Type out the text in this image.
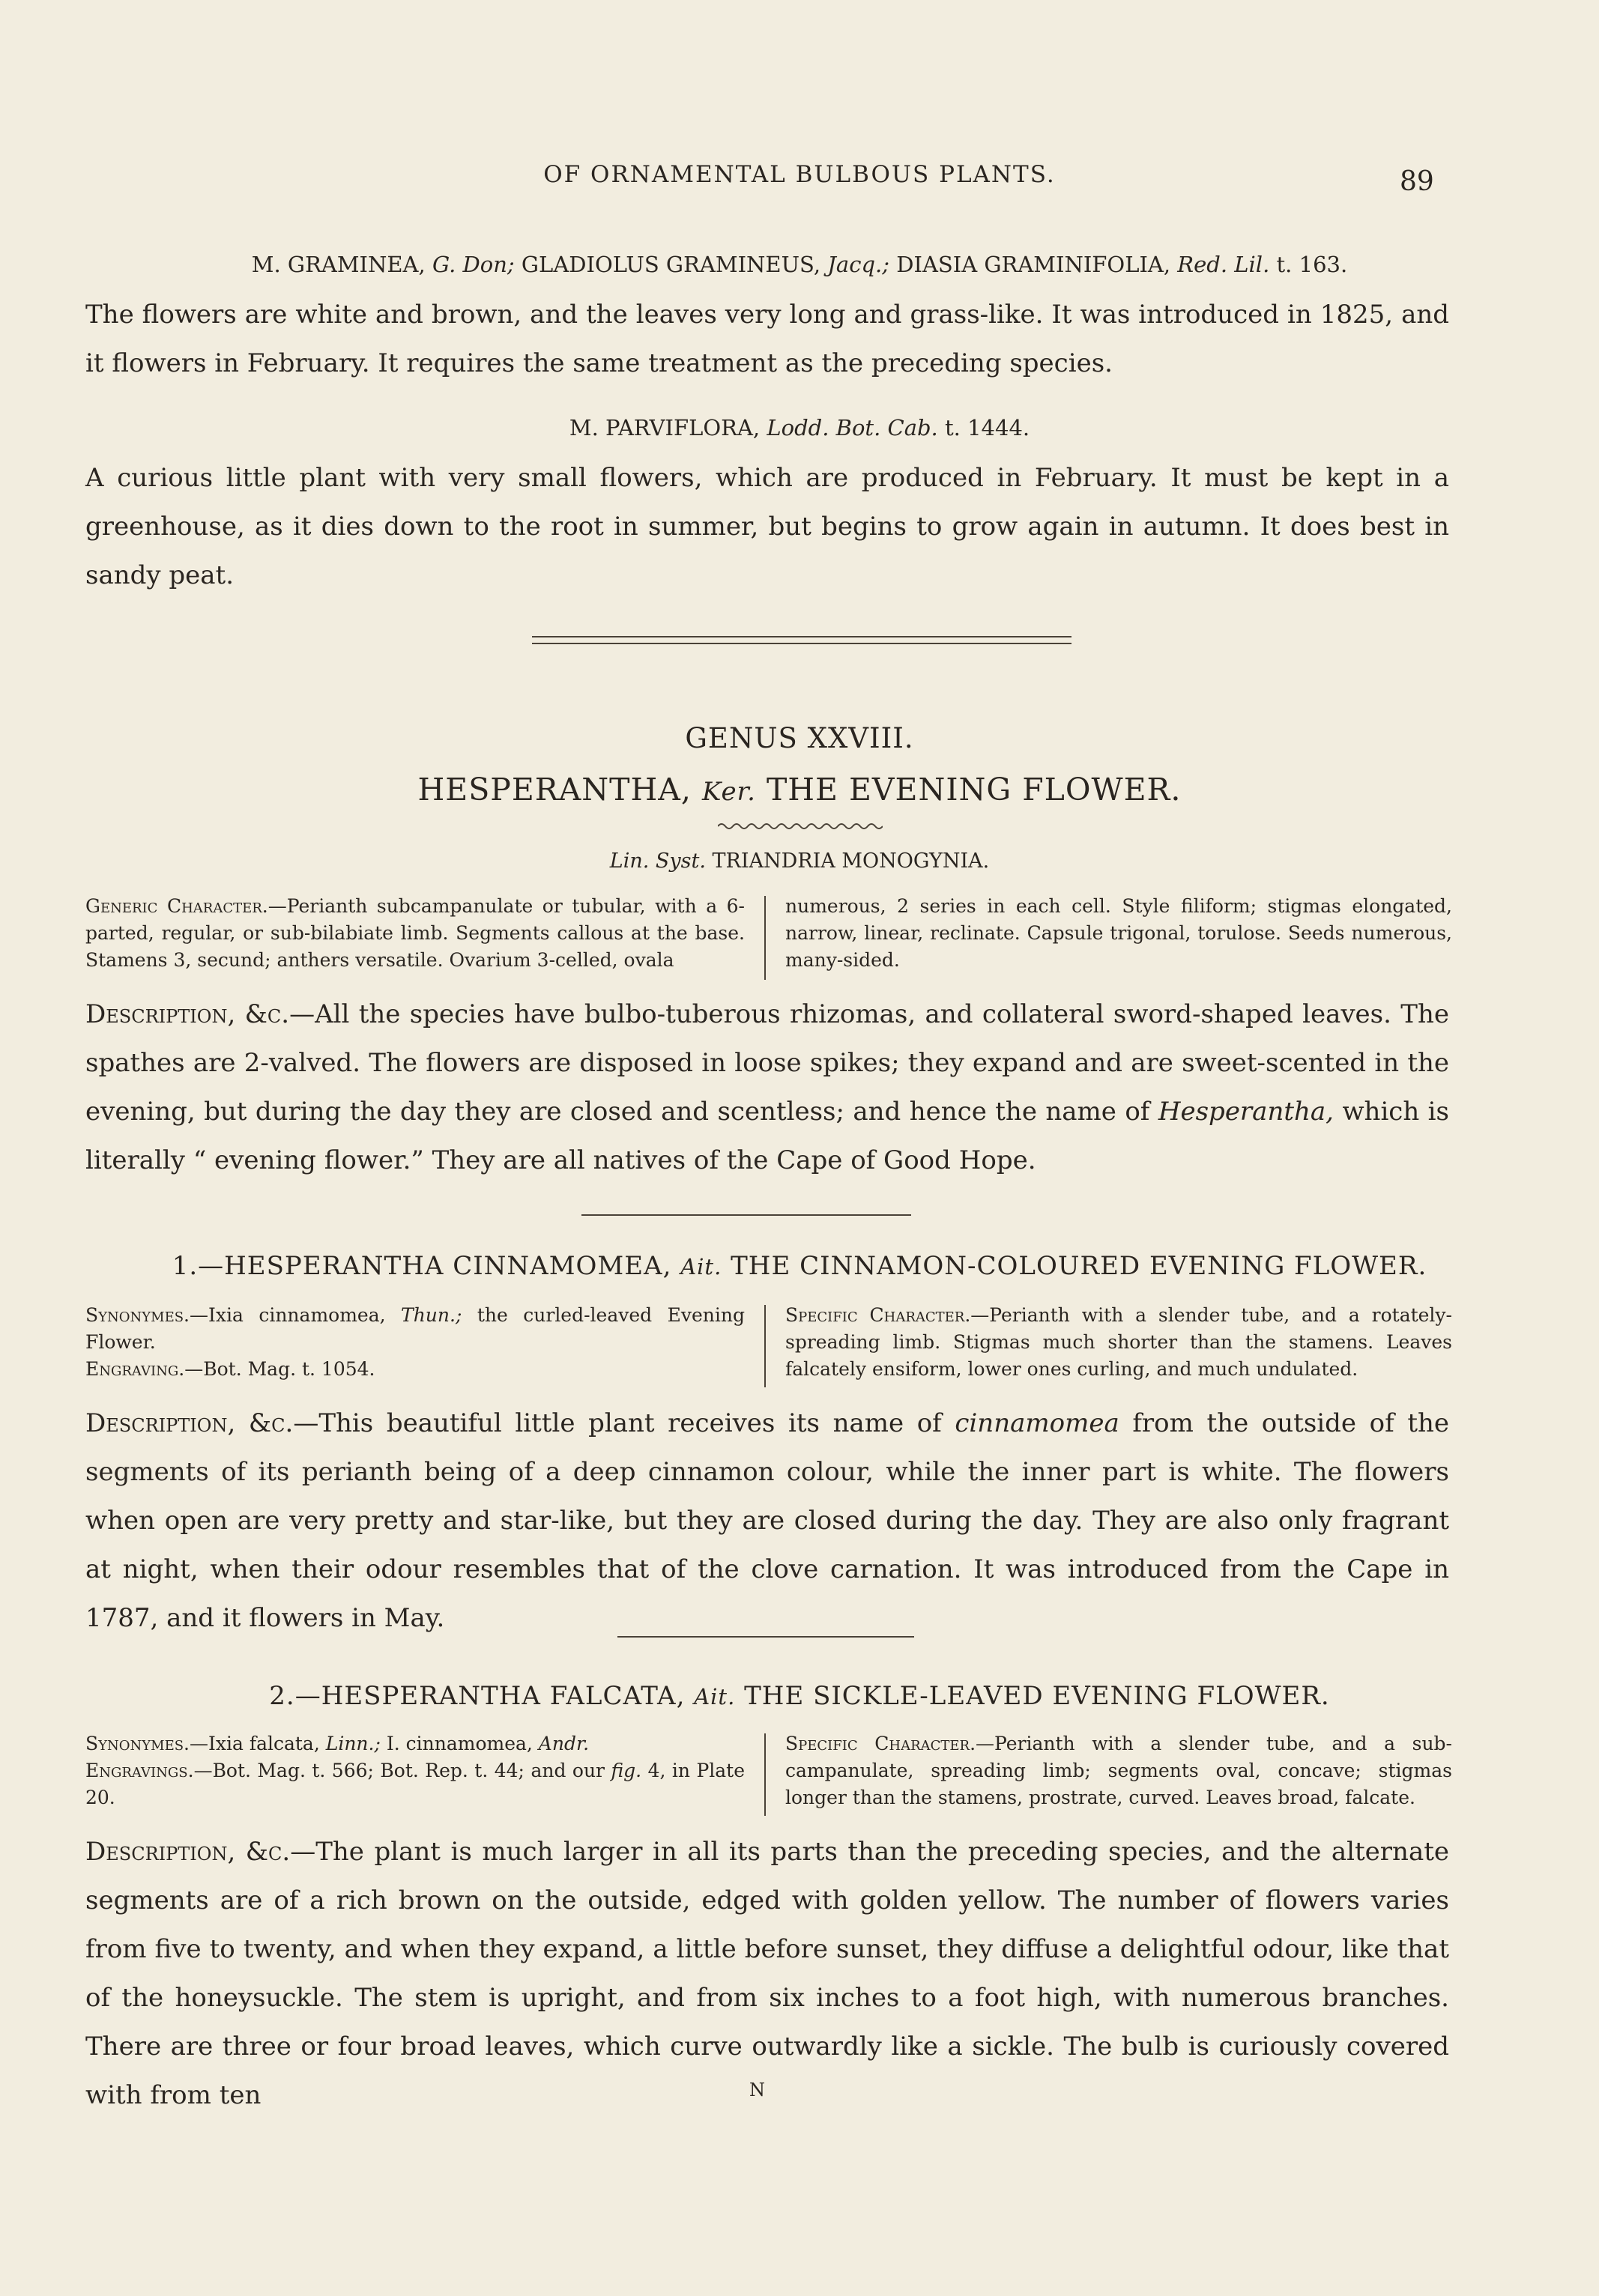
OF ORNAMENTAL BULBOUS PLANTS.	89
M. GRAMINEA, G. Don; GLADIOLUS GRAMINEUS, Jacq.; DIASIA GRAMINIFOLIA, Red. Lil. t. 163.
The flowers are white and brown, and the leaves very long and grass-like. It was introduced in 1825, and it flowers in February. It requires the same treatment as the preceding species.
M. PARVIFLORA, Lodd. Bot. Cab. t. 1444.
A curious little plant with very small flowers, which are produced in February. It must be kept in a greenhouse, as it dies down to the root in summer, but begins to grow again in autumn. It does best in sandy peat.
GENUS XXVIII.
HESPERANTHA, Ker. THE EVENING FLOWER.
Lin. Syst. TRIANDRIA MONOGYNIA.
Generic Character.—Perianth subcampanulate or tubular, with a 6-parted, regular, or sub-bilabiate limb. Segments callous at the base. Stamens 3, secund; anthers versatile. Ovarium 3-celled, ovala
numerous, 2 series in each cell. Style filiform; stigmas elongated, narrow, linear, reclinate. Capsule trigonal, torulose. Seeds numerous, many-sided.
Description, &c.—All the species have bulbo-tuberous rhizomas, and collateral sword-shaped leaves. The spathes are 2-valved. The flowers are disposed in loose spikes; they expand and are sweet-scented in the evening, but during the day they are closed and scentless; and hence the name of Hesperantha, which is literally “ evening flower.” They are all natives of the Cape of Good Hope.
1.—HESPERANTHA CINNAMOMEA, Ait. THE CINNAMON-COLOURED EVENING FLOWER.
Synonymes.—Ixia cinnamomea, Thun.; the curled-leaved Evening Flower.
Engraving.—Bot. Mag. t. 1054.
Specific Character.—Perianth with a slender tube, and a rotately-spreading limb. Stigmas much shorter than the stamens. Leaves falcately ensiform, lower ones curling, and much undulated.
Description, &c.—This beautiful little plant receives its name of cinnamomea from the outside of the segments of its perianth being of a deep cinnamon colour, while the inner part is white. The flowers when open are very pretty and star-like, but they are closed during the day. They are also only fragrant at night, when their odour resembles that of the clove carnation. It was introduced from the Cape in 1787, and it flowers in May.
2.—HESPERANTHA FALCATA, Ait. THE SICKLE-LEAVED EVENING FLOWER.
Synonymes.—Ixia falcata, Linn.; I. cinnamomea, Andr.
Engravings.—Bot. Mag. t. 566; Bot. Rep. t. 44; and our fig. 4, in Plate 20.
Specific Character.—Perianth with a slender tube, and a sub-campanulate, spreading limb; segments oval, concave; stigmas longer than the stamens, prostrate, curved. Leaves broad, falcate.
Description, &c.—The plant is much larger in all its parts than the preceding species, and the alternate segments are of a rich brown on the outside, edged with golden yellow. The number of flowers varies from five to twenty, and when they expand, a little before sunset, they diffuse a delightful odour, like that of the honeysuckle. The stem is upright, and from six inches to a foot high, with numerous branches. There are three or four broad leaves, which curve outwardly like a sickle. The bulb is curiously covered with from ten	N
